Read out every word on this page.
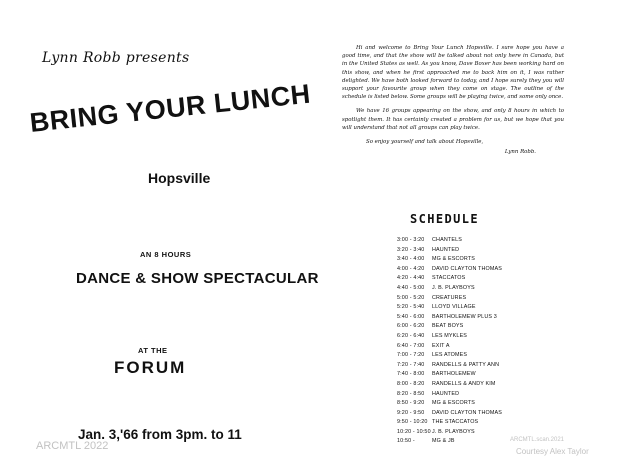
Lynn Robb presents
BRING YOUR LUNCH
Hopsville
AN 8 HOURS
DANCE & SHOW SPECTACULAR
AT THE
FORUM
Jan. 3,'66 from 3pm. to 11
ARCMTL 2022

Hi and welcome to Bring Your Lunch Hopsville. I sure hope you have a good time, and that the show will be talked about not only here in Canada, but in the United States as well. As you know, Dave Boxer has been working hard on this show, and when he first approached me to back him on it, I was rather delighted. We have both looked forward to today, and I hope surely they you will support your favourite group when they come on stage. The outline of the schedule is listed below. Some groups will be playing twice, and some only once.

We have 16 groups appearing on the show, and only 8 hours in which to spotlight them. It has certainly created a problem for us, but we hope that you will understand that not all groups can play twice.

So enjoy yourself and talk about Hopsville,

Lynn Robb.

SCHEDULE
3:00 - 3:20	CHANTELS
3:20 - 3:40	HAUNTED
3:40 - 4:00	MG & ESCORTS
4:00 - 4:20	DAVID CLAYTON THOMAS
4:20 - 4:40	STACCATOS
4:40 - 5:00	J. B. PLAYBOYS
5:00 - 5:20	CREATURES
5:20 - 5:40	LLOYD VILLAGE
5:40 - 6:00	BARTHOLEMEW PLUS 3
6:00 - 6:20	BEAT BOYS
6:20 - 6:40	LES MYKLES
6:40 - 7:00	EXIT A
7:00 - 7:20	LES ATOMES
7:20 - 7:40	RANDELLS & PATTY ANN
7:40 - 8:00	BARTHOLEMEW
8:00 - 8:20	RANDELLS & ANDY KIM
8:20 - 8:50	HAUNTED
8:50 - 9:20	MG & ESCORTS
9:20 - 9:50	DAVID CLAYTON THOMAS
9:50 - 10:20 THE STACCATOS
10:20 - 10:50 J. B. PLAYBOYS
10:50 -	MG & JB	ARCMTL.scan.2021
Courtesy Alex Taylor
